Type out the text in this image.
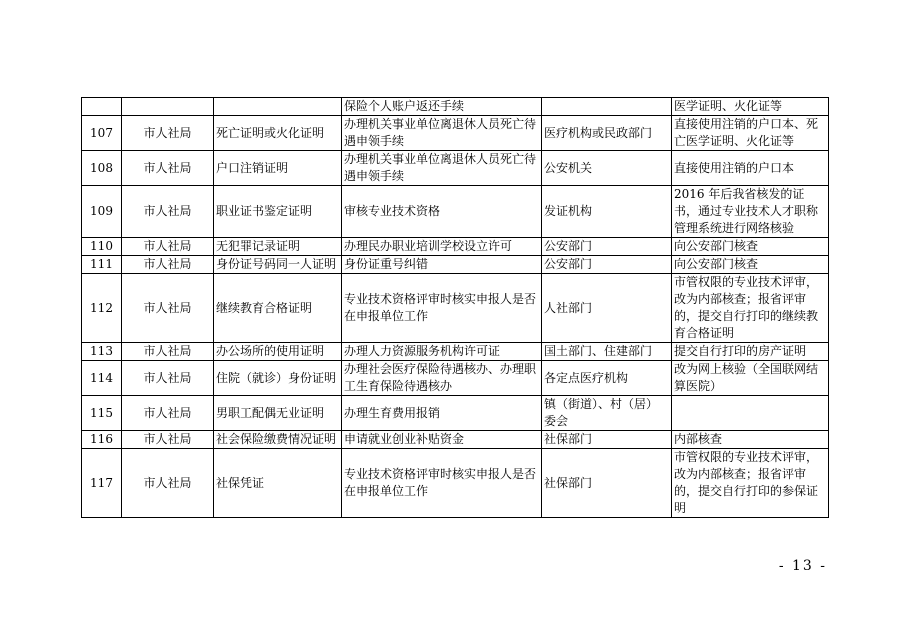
			保险个人账户返还手续		医学证明、火化证等
107	市人社局	死亡证明或火化证明	办理机关事业单位离退休人员死亡待遇申领手续	医疗机构或民政部门	直接使用注销的户口本、死亡医学证明、火化证等
108	市人社局	户口注销证明	办理机关事业单位离退休人员死亡待遇申领手续	公安机关	直接使用注销的户口本
109	市人社局	职业证书鉴定证明	审核专业技术资格	发证机构	2016 年后我省核发的证书，通过专业技术人才职称管理系统进行网络核验
110	市人社局	无犯罪记录证明	办理民办职业培训学校设立许可	公安部门	向公安部门核查
111	市人社局	身份证号码同一人证明	身份证重号纠错	公安部门	向公安部门核查
112	市人社局	继续教育合格证明	专业技术资格评审时核实申报人是否在申报单位工作	人社部门	市管权限的专业技术评审，改为内部核查；报省评审的，提交自行打印的继续教育合格证明
113	市人社局	办公场所的使用证明	办理人力资源服务机构许可证	国土部门、住建部门	提交自行打印的房产证明
114	市人社局	住院（就诊）身份证明	办理社会医疗保险待遇核办、办理职工生育保险待遇核办	各定点医疗机构	改为网上核验（全国联网结算医院）
115	市人社局	男职工配偶无业证明	办理生育费用报销	镇（街道）、村（居）委会	
116	市人社局	社会保险缴费情况证明	申请就业创业补贴资金	社保部门	内部核查
117	市人社局	社保凭证	专业技术资格评审时核实申报人是否在申报单位工作	社保部门	市管权限的专业技术评审，改为内部核查；报省评审的，提交自行打印的参保证明
- 13 -
